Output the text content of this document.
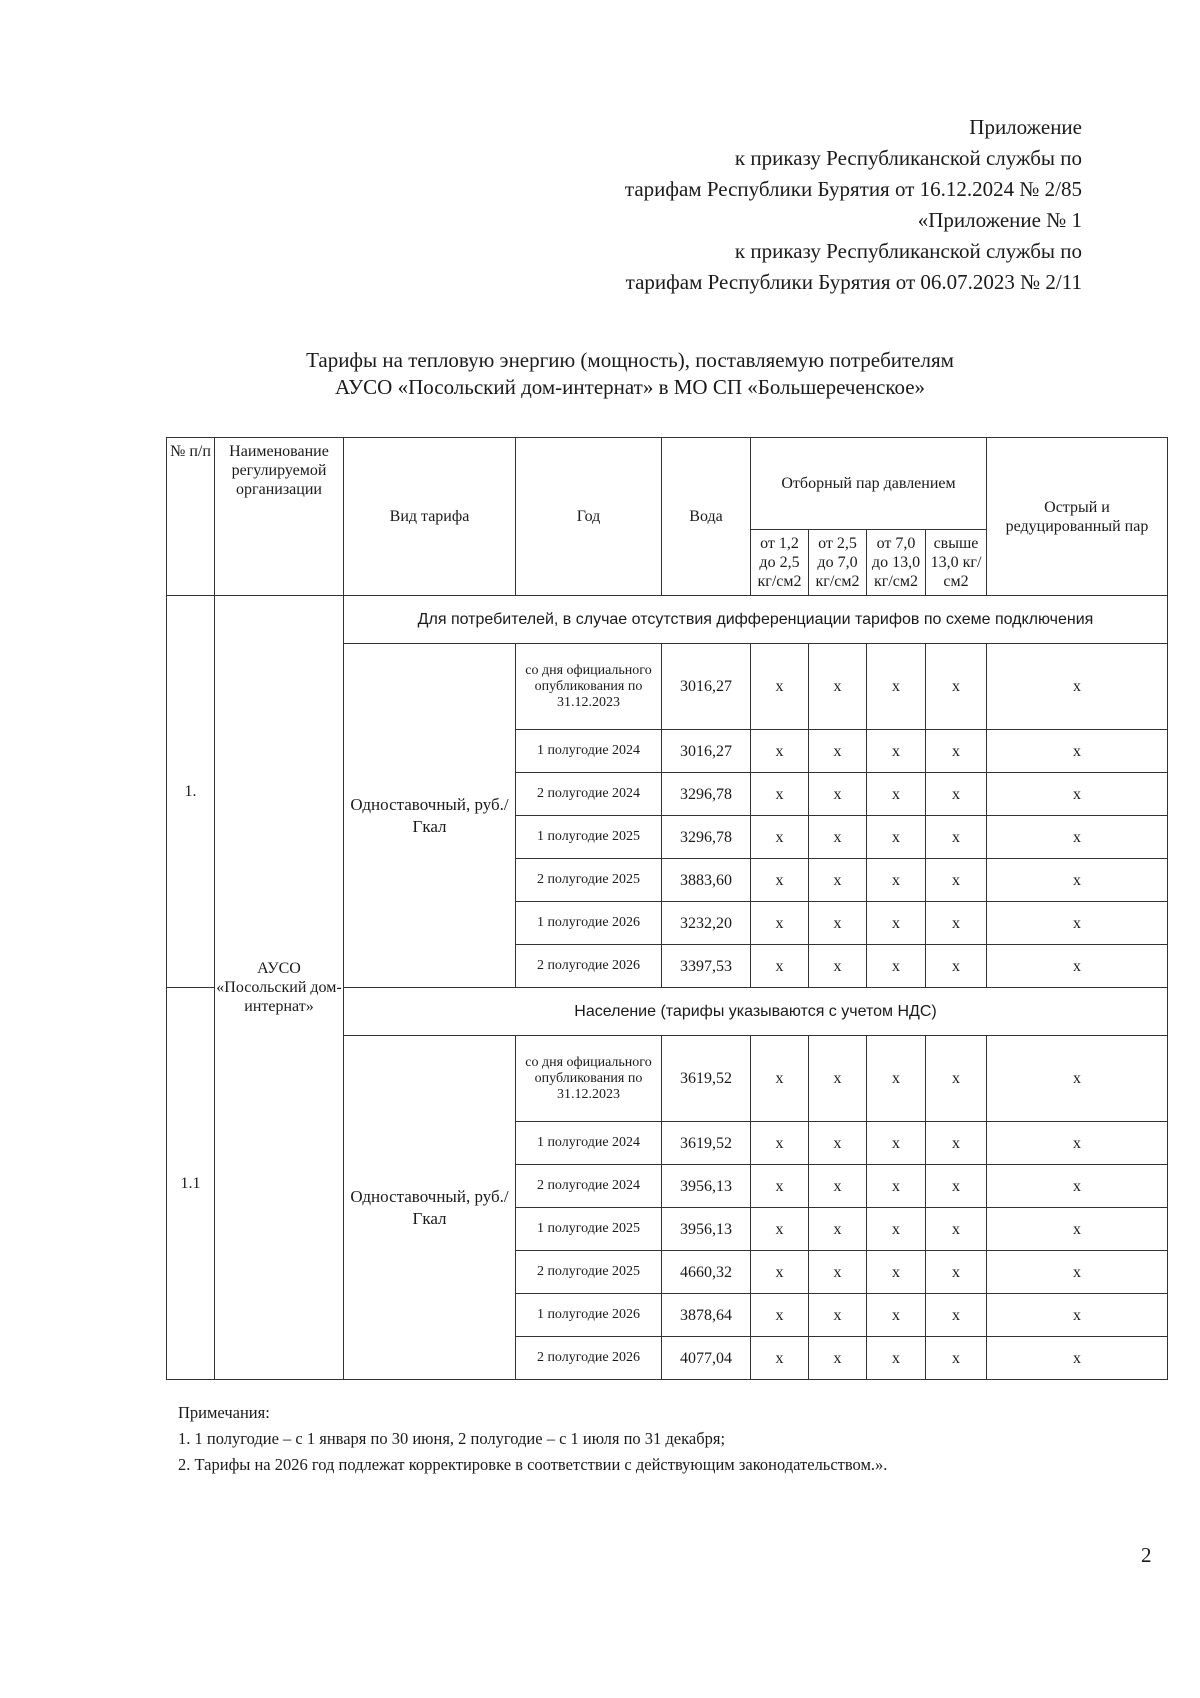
Приложение
к приказу Республиканской службы по
тарифам Республики Бурятия от 16.12.2024 № 2/85
«Приложение № 1
к приказу Республиканской службы по
тарифам Республики Бурятия от 06.07.2023 № 2/11
Тарифы на тепловую энергию (мощность), поставляемую потребителям
АУСО «Посольский дом-интернат» в МО СП «Большереченское»
№ п/п	Наименование регулируемой организации	Вид тарифа	Год	Вода	Отборный пар давлением				Острый и редуцированный пар
					от 1,2 до 2,5 кг/см2	от 2,5 до 7,0 кг/см2	от 7,0 до 13,0 кг/см2	свыше 13,0 кг/см2	
1.	АУСО «Посольский дом-интернат»	Для потребителей, в случае отсутствия дифференциации тарифов по схеме подключения							
		Одноставочный, руб./Гкал	со дня официального опубликования по 31.12.2023	3016,27	x	x	x	x	x
			1 полугодие 2024	3016,27	x	x	x	x	x
			2 полугодие 2024	3296,78	x	x	x	x	x
			1 полугодие 2025	3296,78	x	x	x	x	x
			2 полугодие 2025	3883,60	x	x	x	x	x
			1 полугодие 2026	3232,20	x	x	x	x	x
			2 полугодие 2026	3397,53	x	x	x	x	x
1.1		Население (тарифы указываются с учетом НДС)							
		Одноставочный, руб./Гкал	со дня официального опубликования по 31.12.2023	3619,52	x	x	x	x	x
			1 полугодие 2024	3619,52	x	x	x	x	x
			2 полугодие 2024	3956,13	x	x	x	x	x
			1 полугодие 2025	3956,13	x	x	x	x	x
			2 полугодие 2025	4660,32	x	x	x	x	x
			1 полугодие 2026	3878,64	x	x	x	x	x
			2 полугодие 2026	4077,04	x	x	x	x	x
Примечания:
1. 1 полугодие – с 1 января по 30 июня, 2 полугодие – с 1 июля по 31 декабря;
2. Тарифы на 2026 год подлежат корректировке в соответствии с действующим законодательством.».
2
